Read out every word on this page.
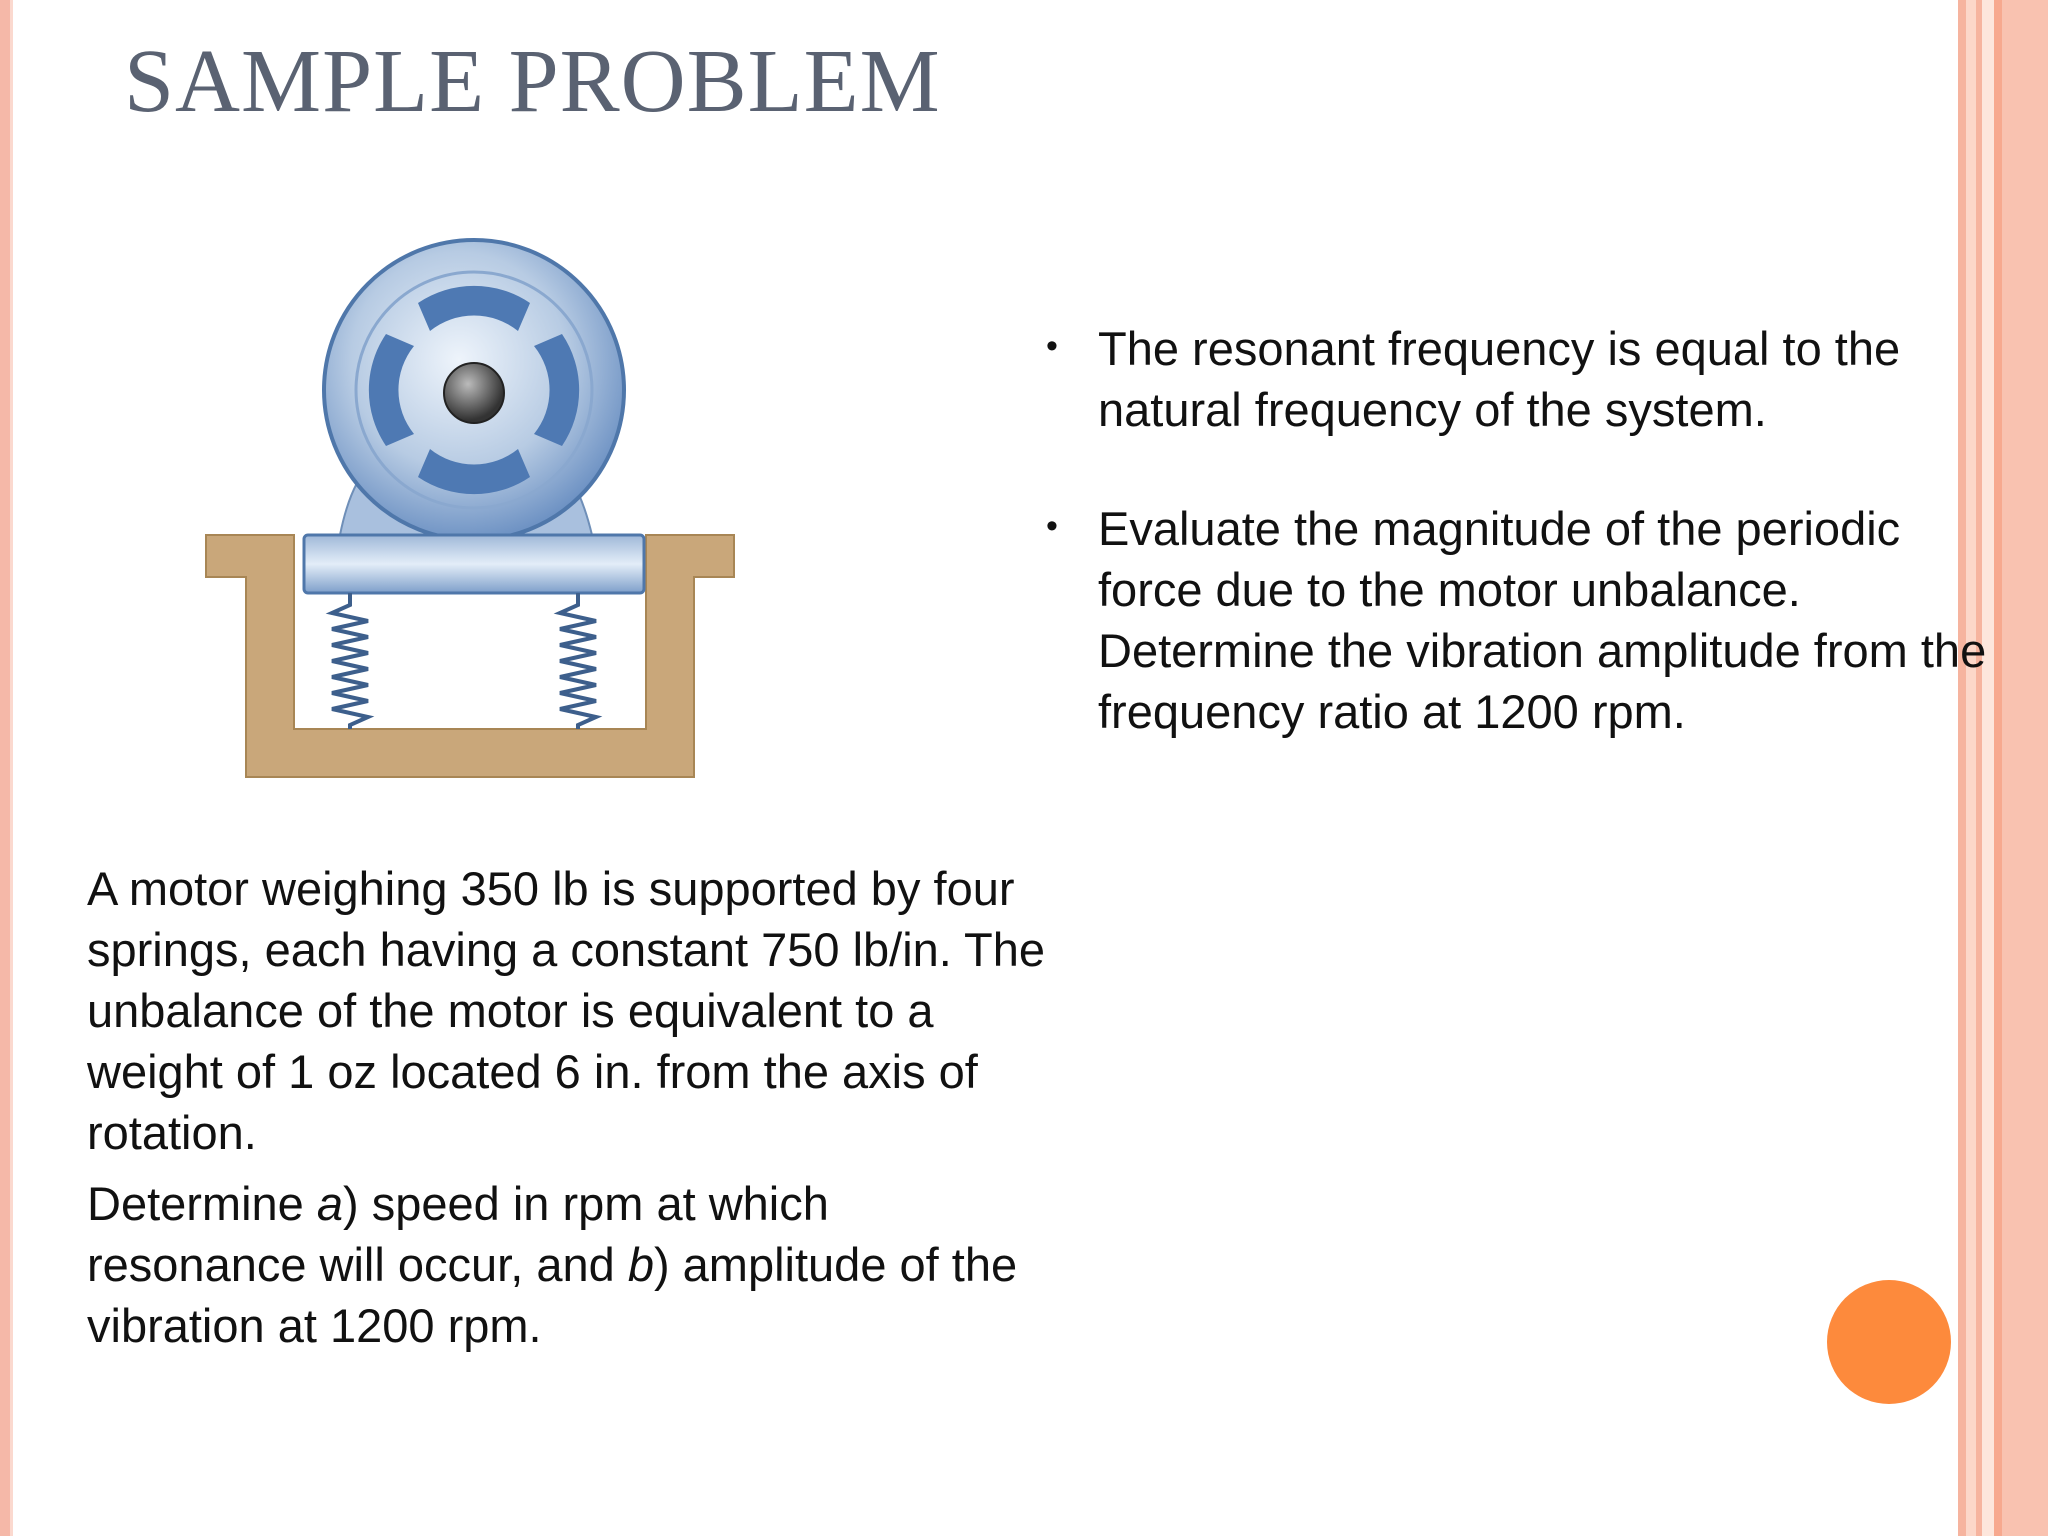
SAMPLE PROBLEM
• The resonant frequency is equal to the natural frequency of the system.
• Evaluate the magnitude of the periodic force due to the motor unbalance. Determine the vibration amplitude from the frequency ratio at 1200 rpm.

A motor weighing 350 lb is supported by four springs, each having a constant 750 lb/in. The unbalance of the motor is equivalent to a weight of 1 oz located 6 in. from the axis of rotation.

Determine a) speed in rpm at which resonance will occur, and b) amplitude of the vibration at 1200 rpm.
